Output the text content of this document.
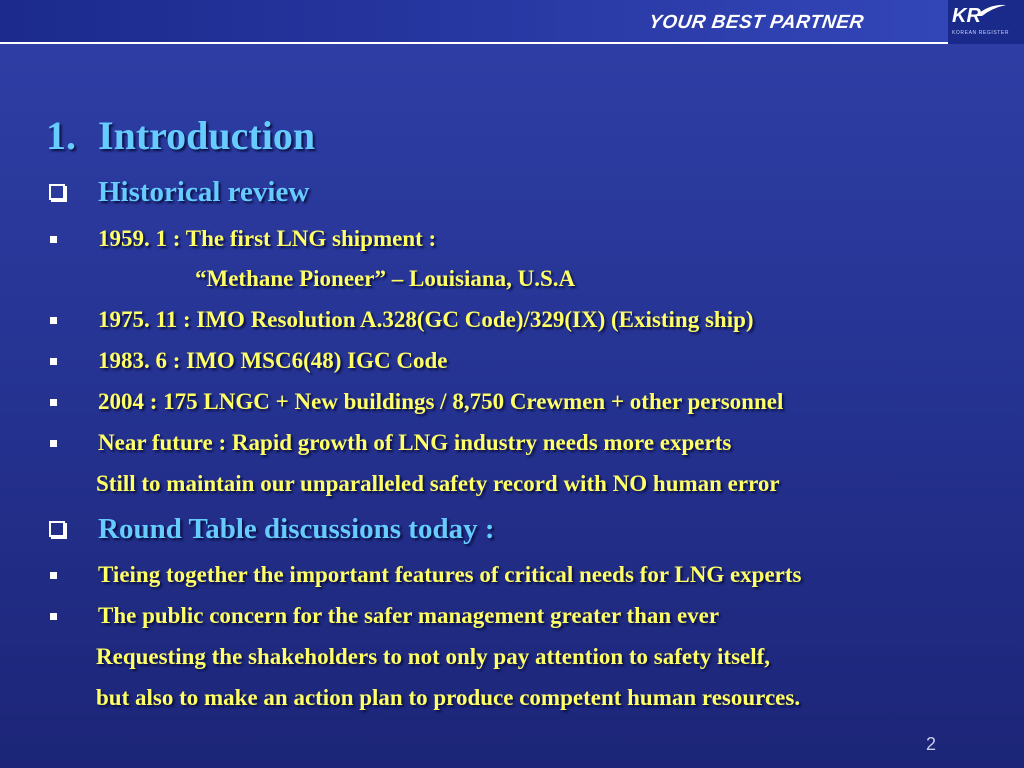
YOUR BEST PARTNER	KR
KOREAN REGISTER
1. Introduction
Historical review
1959. 1 : The first LNG shipment :
“Methane Pioneer” – Louisiana, U.S.A
1975. 11 : IMO Resolution A.328(GC Code)/329(IX) (Existing ship)
1983. 6 : IMO MSC6(48) IGC Code
2004 : 175 LNGC + New buildings / 8,750 Crewmen + other personnel
Near future : Rapid growth of LNG industry needs more experts
Still to maintain our unparalleled safety record with NO human error
Round Table discussions today :
Tieing together the important features of critical needs for LNG experts
The public concern for the safer management greater than ever
Requesting the shakeholders to not only pay attention to safety itself,
but also to make an action plan to produce competent human resources.
2
